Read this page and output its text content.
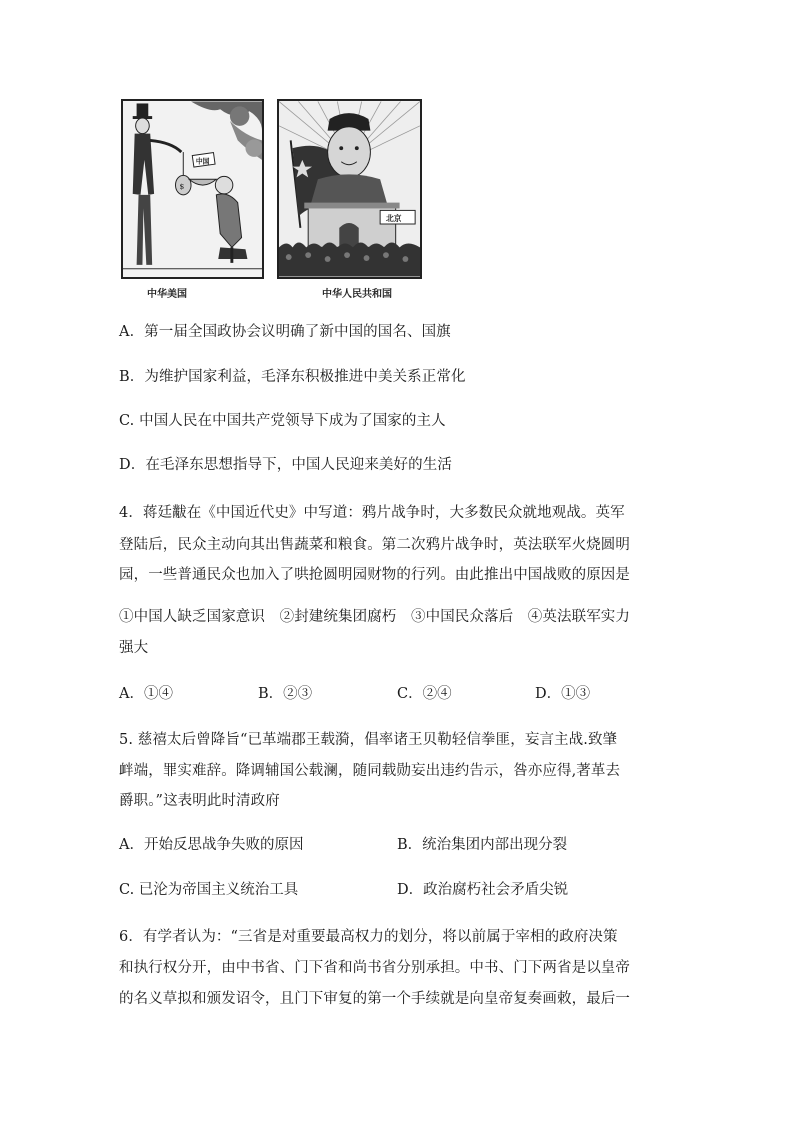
$
中国
中华美国
北京
中华人民共和国
A．第一届全国政协会议明确了新中国的国名、国旗
B．为维护国家利益，毛泽东积极推进中美关系正常化
C. 中国人民在中国共产党领导下成为了国家的主人
D．在毛泽东思想指导下，中国人民迎来美好的生活
4．蒋廷黻在《中国近代史》中写道：鸦片战争时，大多数民众就地观战。英军
登陆后，民众主动向其出售蔬菜和粮食。第二次鸦片战争时，英法联军火烧圆明
园，一些普通民众也加入了哄抢圆明园财物的行列。由此推出中国战败的原因是
①中国人缺乏国家意识　②封建统集团腐朽　③中国民众落后　④英法联军实力
强大
A．①④	B．②③	C．②④	D．①③
5. 慈禧太后曾降旨“已革端郡王载漪，倡率诸王贝勒轻信拳匪，妄言主战.致肇
衅端，罪实难辞。降调辅国公载澜，随同载勋妄出违约告示，咎亦应得,著革去
爵职。”这表明此时清政府
A．开始反思战争失败的原因	B．统治集团内部出现分裂
C. 已沦为帝国主义统治工具	D．政治腐朽社会矛盾尖锐
6．有学者认为：“三省是对重要最高权力的划分，将以前属于宰相的政府决策
和执行权分开，由中书省、门下省和尚书省分别承担。中书、门下两省是以皇帝
的名义草拟和颁发诏令，且门下审复的第一个手续就是向皇帝复奏画敕，最后一
